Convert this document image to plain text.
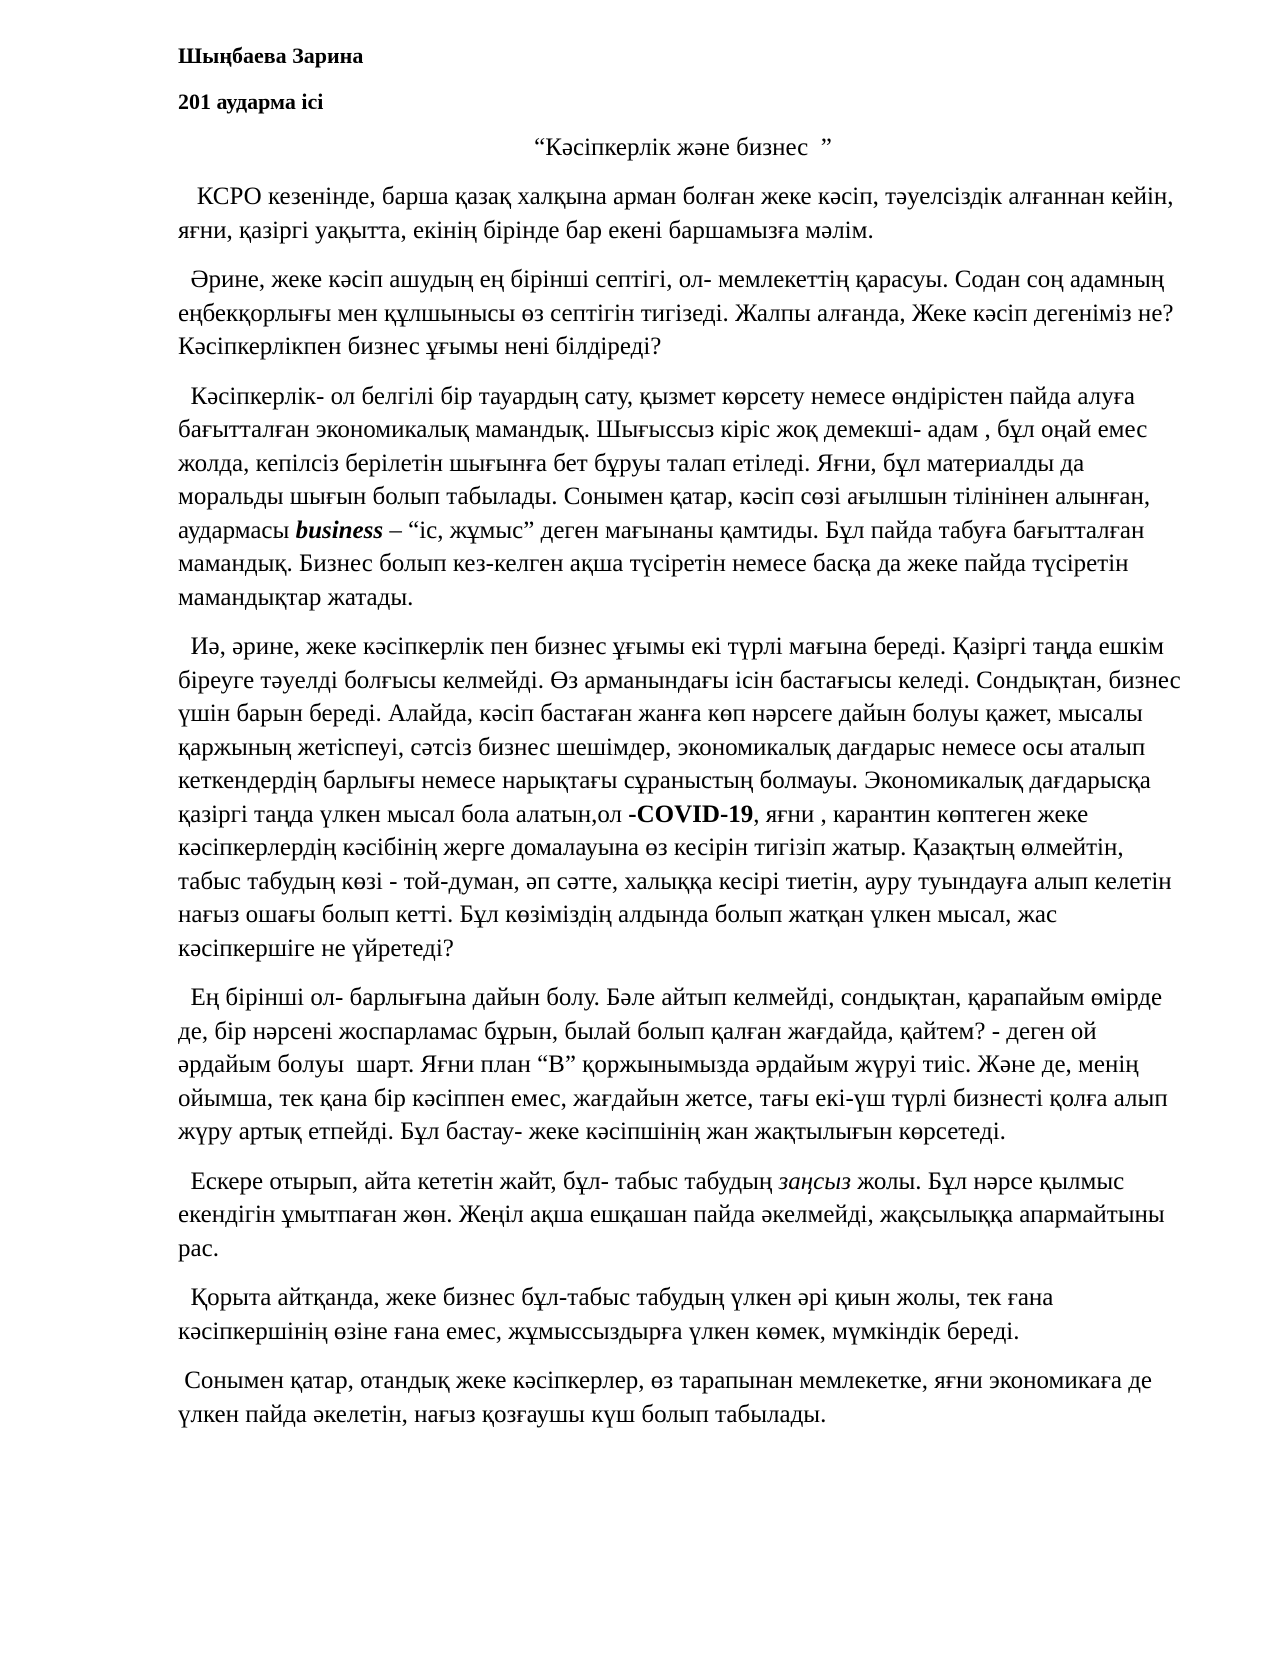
Шыңбаева Зарина

201 аударма ісі

“Кәсіпкерлік және бизнес  ”

КСРО кезенінде, барша қазақ халқына арман болған жеке кәсіп, тәуелсіздік алғаннан кейін, яғни, қазіргі уақытта, екінің бірінде бар екені баршамызға мәлім.

Әрине, жеке кәсіп ашудың ең бірінші септігі, ол- мемлекеттің қарасуы. Содан соң адамның еңбекқорлығы мен құлшынысы өз септігін тигізеді. Жалпы алғанда, Жеке кәсіп дегеніміз не? Кәсіпкерлікпен бизнес ұғымы нені білдіреді?

Кәсіпкерлік- ол белгілі бір тауардың сату, қызмет көрсету немесе өндірістен пайда алуға бағытталған экономикалық мамандық. Шығыссыз кіріс жоқ демекші- адам , бұл оңай емес жолда, кепілсіз берілетін шығынға бет бұруы талап етіледі. Яғни, бұл материалды да моральды шығын болып табылады. Сонымен қатар, кәсіп сөзі ағылшын тілінінен алынған, аудармасы business – “іс, жұмыс” деген мағынаны қамтиды. Бұл пайда табуға бағытталған мамандық. Бизнес болып кез-келген ақша түсіретін немесе басқа да жеке пайда түсіретін мамандықтар жатады.

Иә, әрине, жеке кәсіпкерлік пен бизнес ұғымы екі түрлі мағына береді. Қазіргі таңда ешкім біреуге тәуелді болғысы келмейді. Өз арманындағы ісін бастағысы келеді. Сондықтан, бизнес үшін барын береді. Алайда, кәсіп бастаған жанға көп нәрсеге дайын болуы қажет, мысалы қаржының жетіспеуі, сәтсіз бизнес шешімдер, экономикалық дағдарыс немесе осы аталып кеткендердің барлығы немесе нарықтағы сұраныстың болмауы. Экономикалық дағдарысқа қазіргі таңда үлкен мысал бола алатын,ол -COVID-19, яғни , карантин көптеген жеке кәсіпкерлердің кәсібінің жерге домалауына өз кесірін тигізіп жатыр. Қазақтың өлмейтін, табыс табудың көзі - той-думан, әп сәтте, халыққа кесірі тиетін, ауру туындауға алып келетін нағыз ошағы болып кетті. Бұл көзіміздің алдында болып жатқан үлкен мысал, жас кәсіпкершіге не үйретеді?

Ең бірінші ол- барлығына дайын болу. Бәле айтып келмейді, сондықтан, қарапайым өмірде де, бір нәрсені жоспарламас бұрын, былай болып қалған жағдайда, қайтем? - деген ой әрдайым болуы  шарт. Яғни план “В” қоржынымызда әрдайым жүруі тиіс. Және де, менің ойымша, тек қана бір кәсіппен емес, жағдайын жетсе, тағы екі-үш түрлі бизнесті қолға алып жүру артық етпейді. Бұл бастау- жеке кәсіпшінің жан жақтылығын көрсетеді.

Ескере отырып, айта кететін жайт, бұл- табыс табудың заңсыз жолы. Бұл нәрсе қылмыс екендігін ұмытпаған жөн. Жеңіл ақша ешқашан пайда әкелмейді, жақсылыққа апармайтыны рас.

Қорыта айтқанда, жеке бизнес бұл-табыс табудың үлкен әрі қиын жолы, тек ғана кәсіпкершінің өзіне ғана емес, жұмыссыздырға үлкен көмек, мүмкіндік береді.

Сонымен қатар, отандық жеке кәсіпкерлер, өз тарапынан мемлекетке, яғни экономикаға де үлкен пайда әкелетін, нағыз қозғаушы күш болып табылады.
